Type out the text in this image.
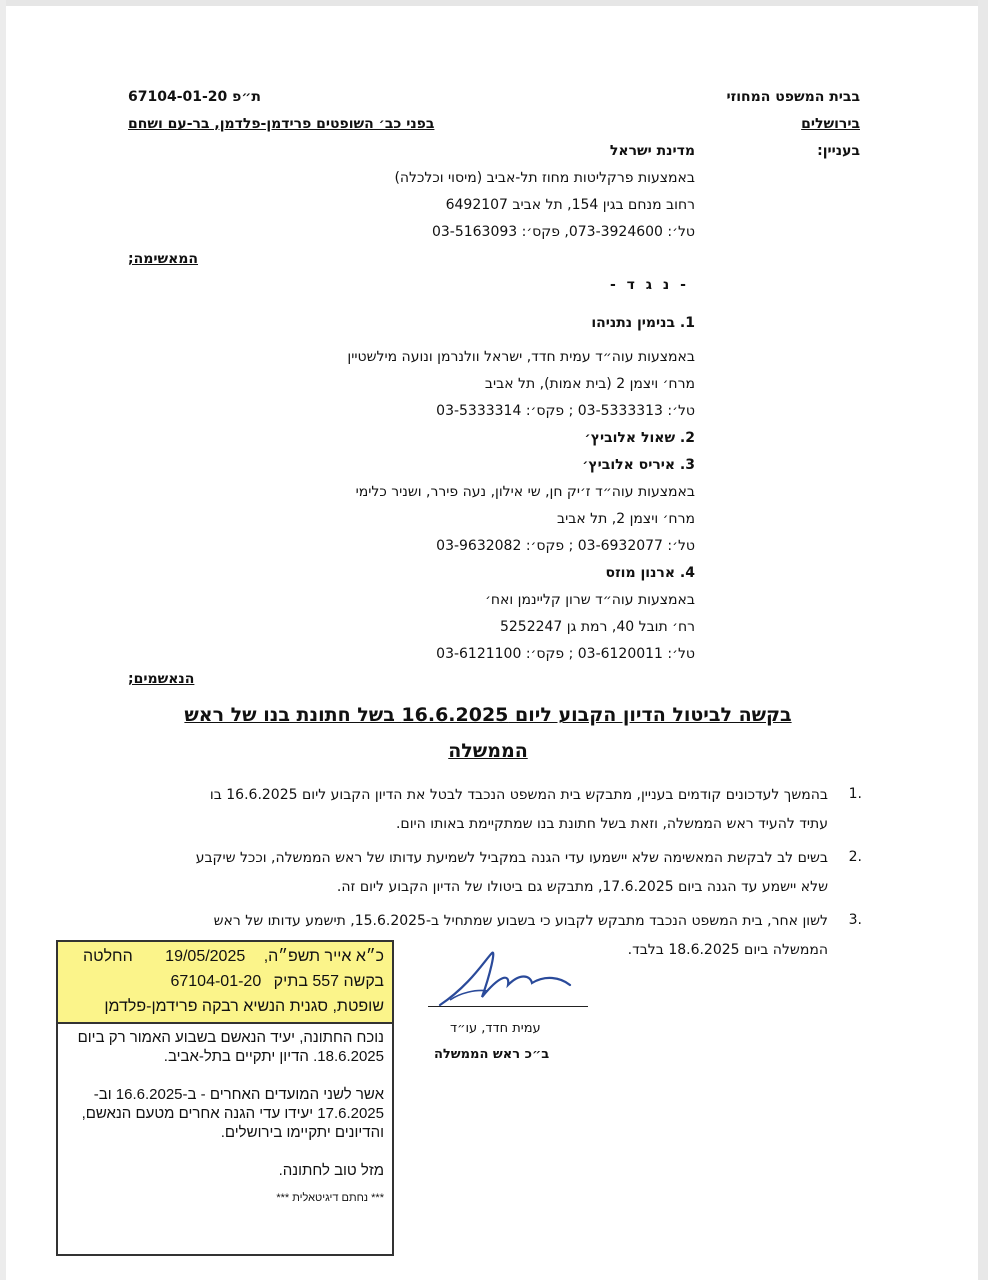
בבית המשפט המחוזי
ת״פ 67104-01-20
בירושלים
בפני כב׳ השופטים פרידמן-פלדמן, בר-עם ושחם
בעניין:
מדינת ישראל
באמצעות פרקליטות מחוז תל-אביב (מיסוי וכלכלה)
רחוב מנחם בגין 154, תל אביב 6492107
טל׳: 073-3924600, פקס׳: 03-5163093
המאשימה;
- נ ג ד -
1. בנימין נתניהו
באמצעות עוה״ד עמית חדד, ישראל וולנרמן ונועה מילשטיין
מרח׳ ויצמן 2 (בית אמות), תל אביב
טל׳: 03-5333313 ; פקס׳: 03-5333314
2. שאול אלוביץ׳
3. איריס אלוביץ׳
באמצעות עוה״ד ז׳יק חן, שי אילון, נעה פירר, ושניר כלימי
מרח׳ ויצמן 2, תל אביב
טל׳: 03-6932077 ; פקס׳: 03-9632082
4. ארנון מוזס
באמצעות עוה״ד שרון קליינמן ואח׳
רח׳ תובל 40, רמת גן 5252247
טל׳: 03-6120011 ; פקס׳: 03-6121100
הנאשמים;
בקשה לביטול הדיון הקבוע ליום 16.6.2025 בשל חתונת בנו של ראש
הממשלה
1.
בהמשך לעדכונים קודמים בעניין, מתבקש בית המשפט הנכבד לבטל את הדיון הקבוע ליום 16.6.2025 בו
עתיד להעיד ראש הממשלה, וזאת בשל חתונת בנו שמתקיימת באותו היום.
2.
בשים לב לבקשת המאשימה שלא יישמעו עדי הגנה במקביל לשמיעת עדותו של ראש הממשלה, וככל שיקבע
שלא יישמע עד הגנה ביום 17.6.2025, מתבקש גם ביטולו של הדיון הקבוע ליום זה.
3.
לשון אחר, בית המשפט הנכבד מתבקש לקבוע כי בשבוע שמתחיל ב-15.6.2025, תישמע עדותו של ראש
הממשלה ביום 18.6.2025 בלבד.
עמית חדד, עו״ד
ב״כ ראש הממשלה
כ״א אייר תשפ״ה, 19/05/2025 החלטה
בקשה 557 בתיק 67104-01-20
שופטת, סגנית הנשיא רבקה פרידמן-פלדמן

נוכח החתונה, יעיד הנאשם בשבוע האמור רק ביום 18.6.2025. הדיון יתקיים בתל-אביב.

אשר לשני המועדים האחרים - ב-16.6.2025 וב- 17.6.2025 יעידו עדי הגנה אחרים מטעם הנאשם, והדיונים יתקיימו בירושלים.

מזל טוב לחתונה.

*** נחתם דיגיטאלית ***
